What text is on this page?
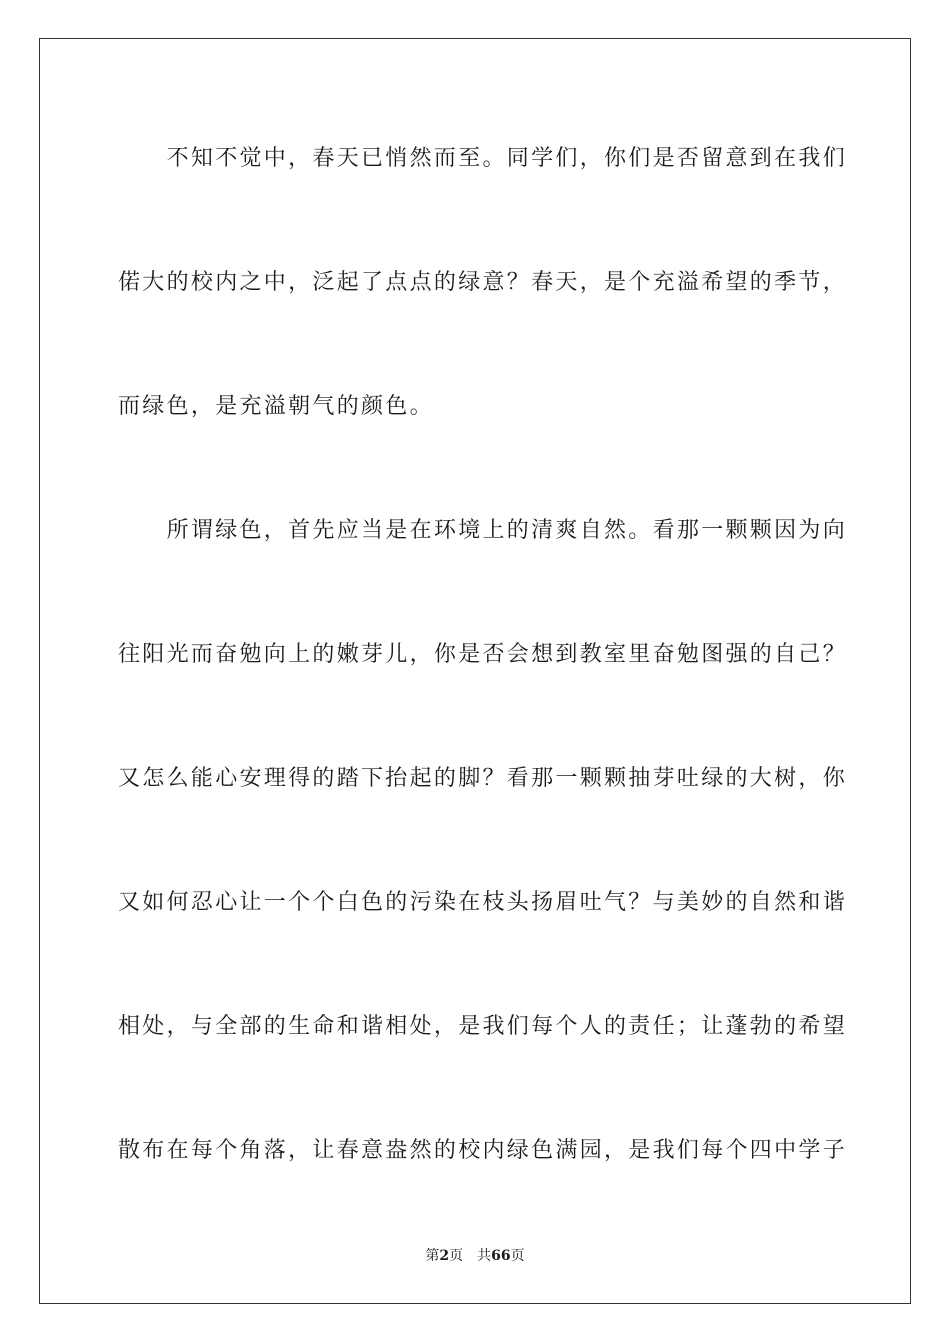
　　不知不觉中，春天已悄然而至。同学们，你们是否留意到在我们
偌大的校内之中，泛起了点点的绿意？春天，是个充溢希望的季节，
而绿色，是充溢朝气的颜色。
　　所谓绿色，首先应当是在环境上的清爽自然。看那一颗颗因为向
往阳光而奋勉向上的嫩芽儿，你是否会想到教室里奋勉图强的自己？
又怎么能心安理得的踏下抬起的脚？看那一颗颗抽芽吐绿的大树，你
又如何忍心让一个个白色的污染在枝头扬眉吐气？与美妙的自然和谐
相处，与全部的生命和谐相处，是我们每个人的责任；让蓬勃的希望
散布在每个角落，让春意盎然的校内绿色满园，是我们每个四中学子
第2页 共66页
